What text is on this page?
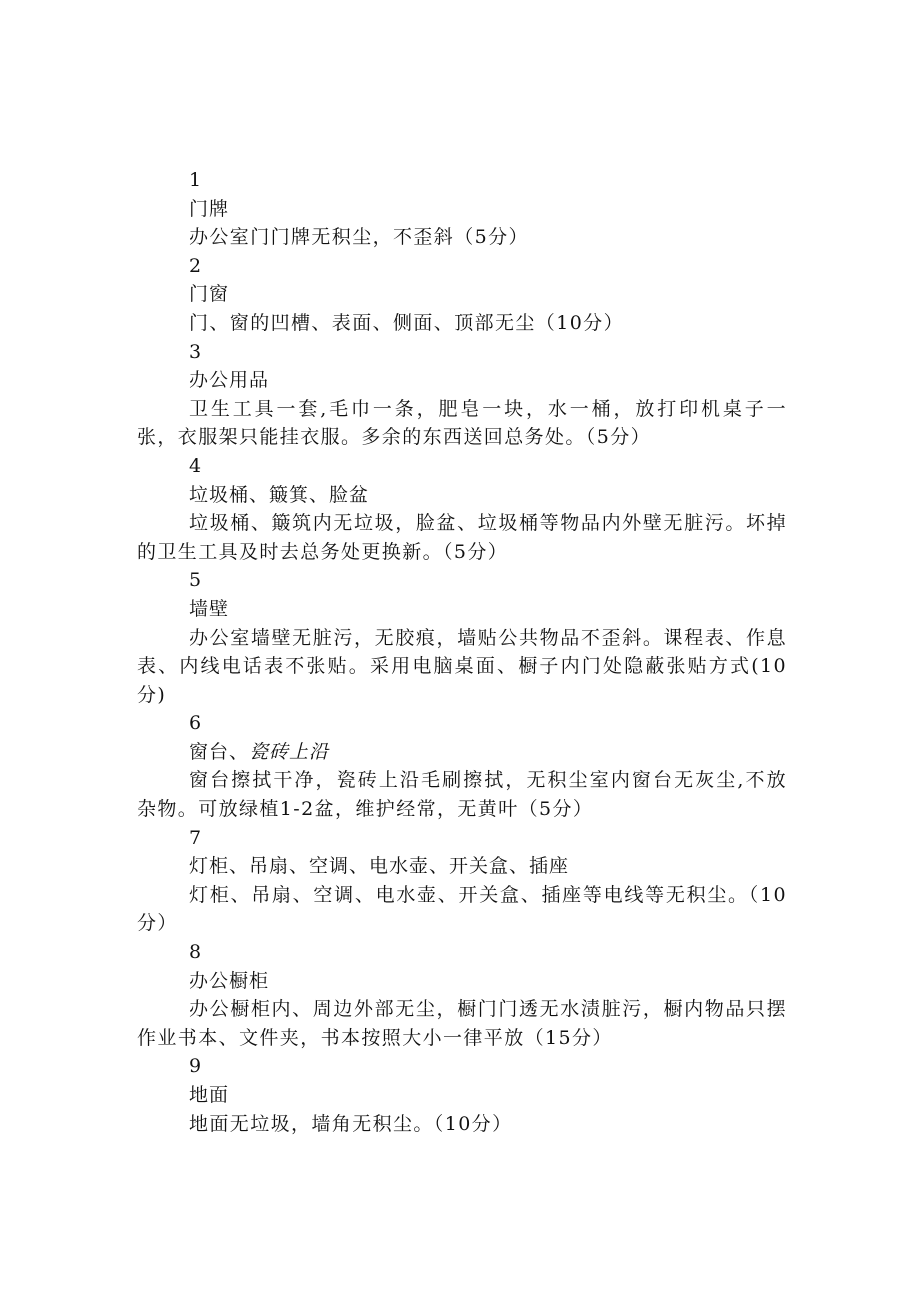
1
门牌

办公室门门牌无积尘，不歪斜（5分）

2
门窗

门、窗的凹槽、表面、侧面、顶部无尘（10分）

3
办公用品

卫生工具一套,毛巾一条，肥皂一块，水一桶，放打印机桌子一张，衣服架只能挂衣服。多余的东西送回总务处。（5分）

4
垃圾桶、簸箕、脸盆

垃圾桶、簸筑内无垃圾，脸盆、垃圾桶等物品内外壁无脏污。坏掉的卫生工具及时去总务处更换新。（5分）

5
墙壁

办公室墙壁无脏污，无胶痕，墙贴公共物品不歪斜。课程表、作息表、内线电话表不张贴。采用电脑桌面、橱子内门处隐蔽张贴方式(10分)

6
窗台、瓷砖上沿

窗台擦拭干净，瓷砖上沿毛刷擦拭，无积尘室内窗台无灰尘,不放杂物。可放绿植1-2盆，维护经常，无黄叶（5分）

7
灯柜、吊扇、空调、电水壶、开关盒、插座

灯柜、吊扇、空调、电水壶、开关盒、插座等电线等无积尘。（10分）

8
办公橱柜

办公橱柜内、周边外部无尘，橱门门透无水渍脏污，橱内物品只摆作业书本、文件夹，书本按照大小一律平放（15分）

9
地面

地面无垃圾，墙角无积尘。（10分）
